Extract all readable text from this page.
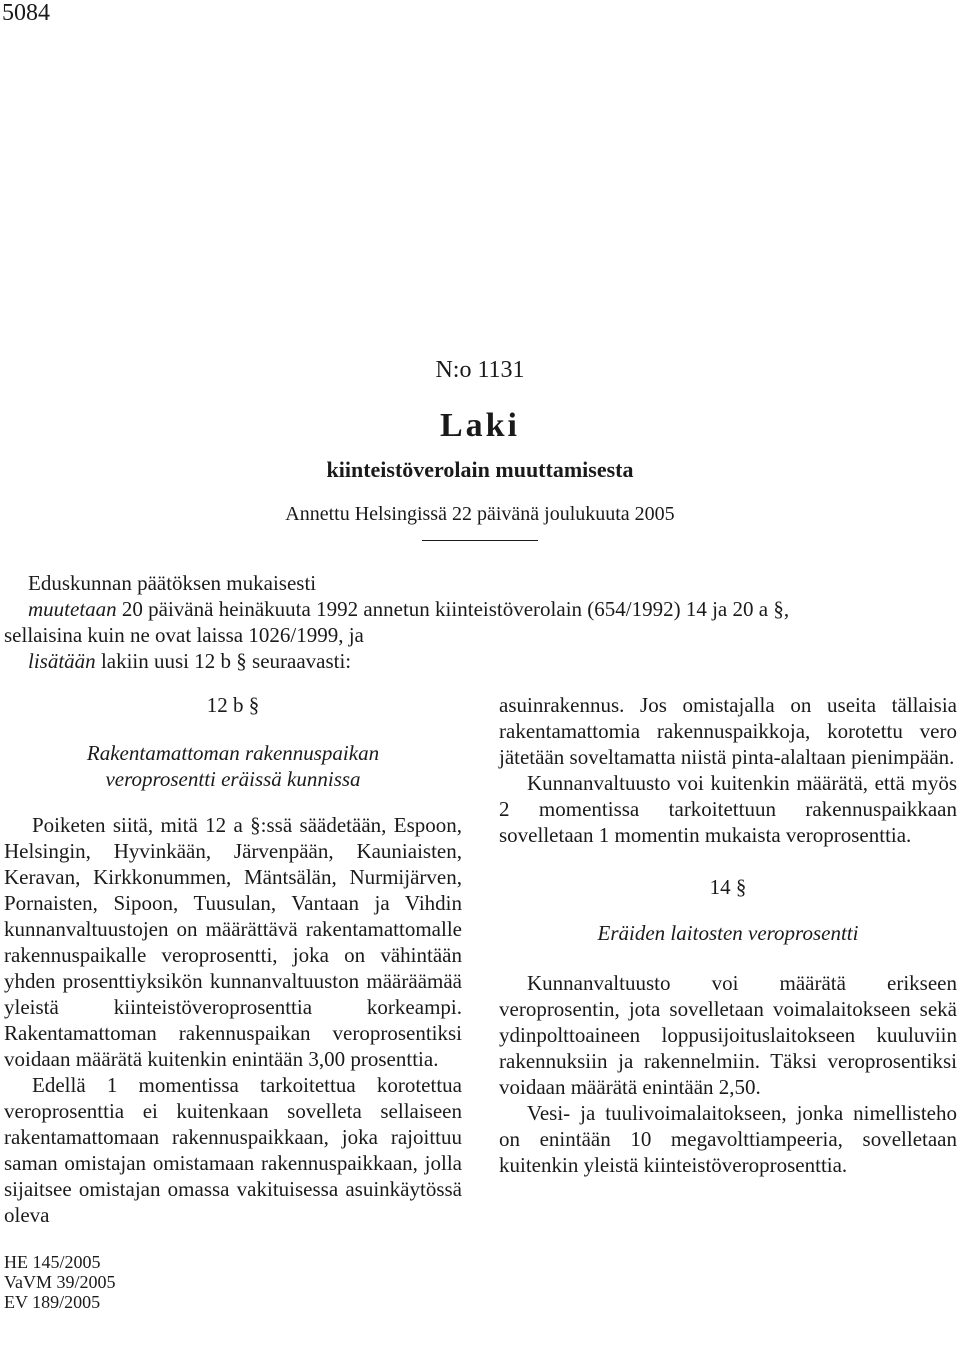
5084
N:o 1131
Laki
kiinteistöverolain muuttamisesta
Annettu Helsingissä 22 päivänä joulukuuta 2005
Eduskunnan päätöksen mukaisesti
muutetaan 20 päivänä heinäkuuta 1992 annetun kiinteistöverolain (654/1992) 14 ja 20 a §,
sellaisina kuin ne ovat laissa 1026/1999, ja
lisätään lakiin uusi 12 b § seuraavasti:
12 b §
Rakentamattoman rakennuspaikan veroprosentti eräissä kunnissa
Poiketen siitä, mitä 12 a §:ssä säädetään, Espoon, Helsingin, Hyvinkään, Järvenpään, Kauniaisten, Keravan, Kirkkonummen, Mäntsälän, Nurmijärven, Pornaisten, Sipoon, Tuusulan, Vantaan ja Vihdin kunnanvaltuustojen on määrättävä rakentamattomalle rakennuspaikalle veroprosentti, joka on vähintään yhden prosenttiyksikön kunnanvaltuuston määräämää yleistä kiinteistöveroprosenttia korkeampi. Rakentamattoman rakennuspaikan veroprosentiksi voidaan määrätä kuitenkin enintään 3,00 prosenttia.
Edellä 1 momentissa tarkoitettua korotettua veroprosenttia ei kuitenkaan sovelleta sellaiseen rakentamattomaan rakennuspaikkaan, joka rajoittuu saman omistajan omistamaan rakennuspaikkaan, jolla sijaitsee omistajan omassa vakituisessa asuinkäytössä oleva
asuinrakennus. Jos omistajalla on useita tällaisia rakentamattomia rakennuspaikkoja, korotettu vero jätetään soveltamatta niistä pinta-alaltaan pienimpään.
Kunnanvaltuusto voi kuitenkin määrätä, että myös 2 momentissa tarkoitettuun rakennuspaikkaan sovelletaan 1 momentin mukaista veroprosenttia.
14 §
Eräiden laitosten veroprosentti
Kunnanvaltuusto voi määrätä erikseen veroprosentin, jota sovelletaan voimalaitokseen sekä ydinpolttoaineen loppusijoituslaitokseen kuuluviin rakennuksiin ja rakennelmiin. Täksi veroprosentiksi voidaan määrätä enintään 2,50.
Vesi- ja tuulivoimalaitokseen, jonka nimellisteho on enintään 10 megavolttiampeeria, sovelletaan kuitenkin yleistä kiinteistöveroprosenttia.
HE 145/2005
VaVM 39/2005
EV 189/2005
